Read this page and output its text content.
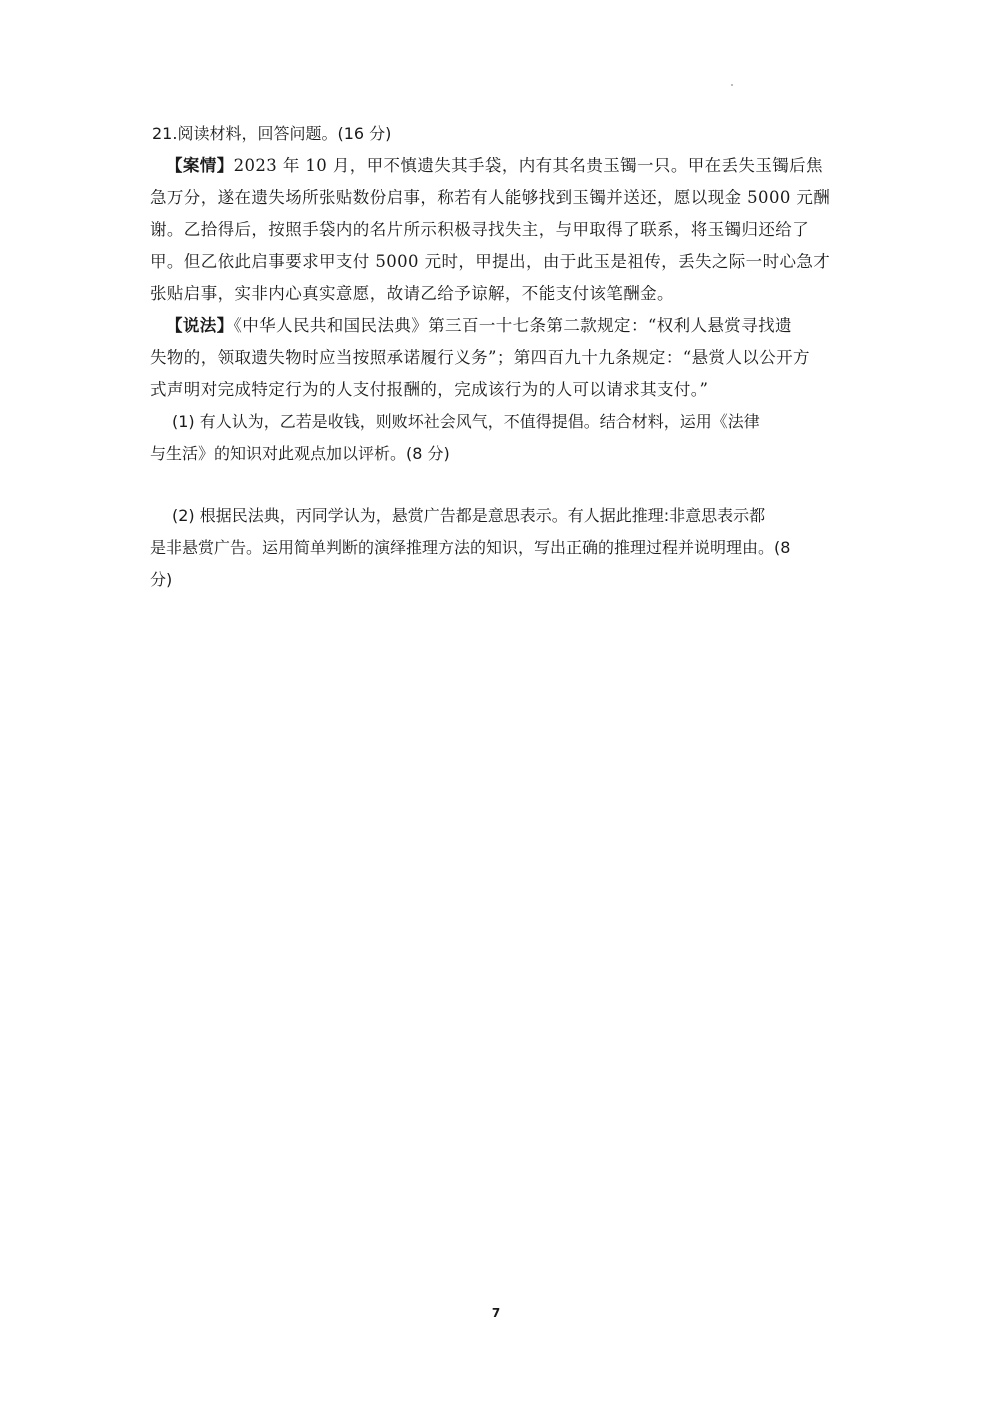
21.阅读材料，回答问题。(16 分)
【案情】2023 年 10 月，甲不慎遗失其手袋，内有其名贵玉镯一只。甲在丢失玉镯后焦
急万分，遂在遗失场所张贴数份启事，称若有人能够找到玉镯并送还，愿以现金 5000 元酬
谢。乙拾得后，按照手袋内的名片所示积极寻找失主，与甲取得了联系，将玉镯归还给了
甲。但乙依此启事要求甲支付 5000 元时，甲提出，由于此玉是祖传，丢失之际一时心急才
张贴启事，实非内心真实意愿，故请乙给予谅解，不能支付该笔酬金。
【说法】《中华人民共和国民法典》第三百一十七条第二款规定：“权利人悬赏寻找遗
失物的，领取遗失物时应当按照承诺履行义务”；第四百九十九条规定：“悬赏人以公开方
式声明对完成特定行为的人支付报酬的，完成该行为的人可以请求其支付。”
(1) 有人认为，乙若是收钱，则败坏社会风气，不值得提倡。结合材料，运用《法律
与生活》的知识对此观点加以评析。(8 分)
(2) 根据民法典，丙同学认为，悬赏广告都是意思表示。有人据此推理:非意思表示都
是非悬赏广告。运用简单判断的演绎推理方法的知识，写出正确的推理过程并说明理由。(8
分)
7
